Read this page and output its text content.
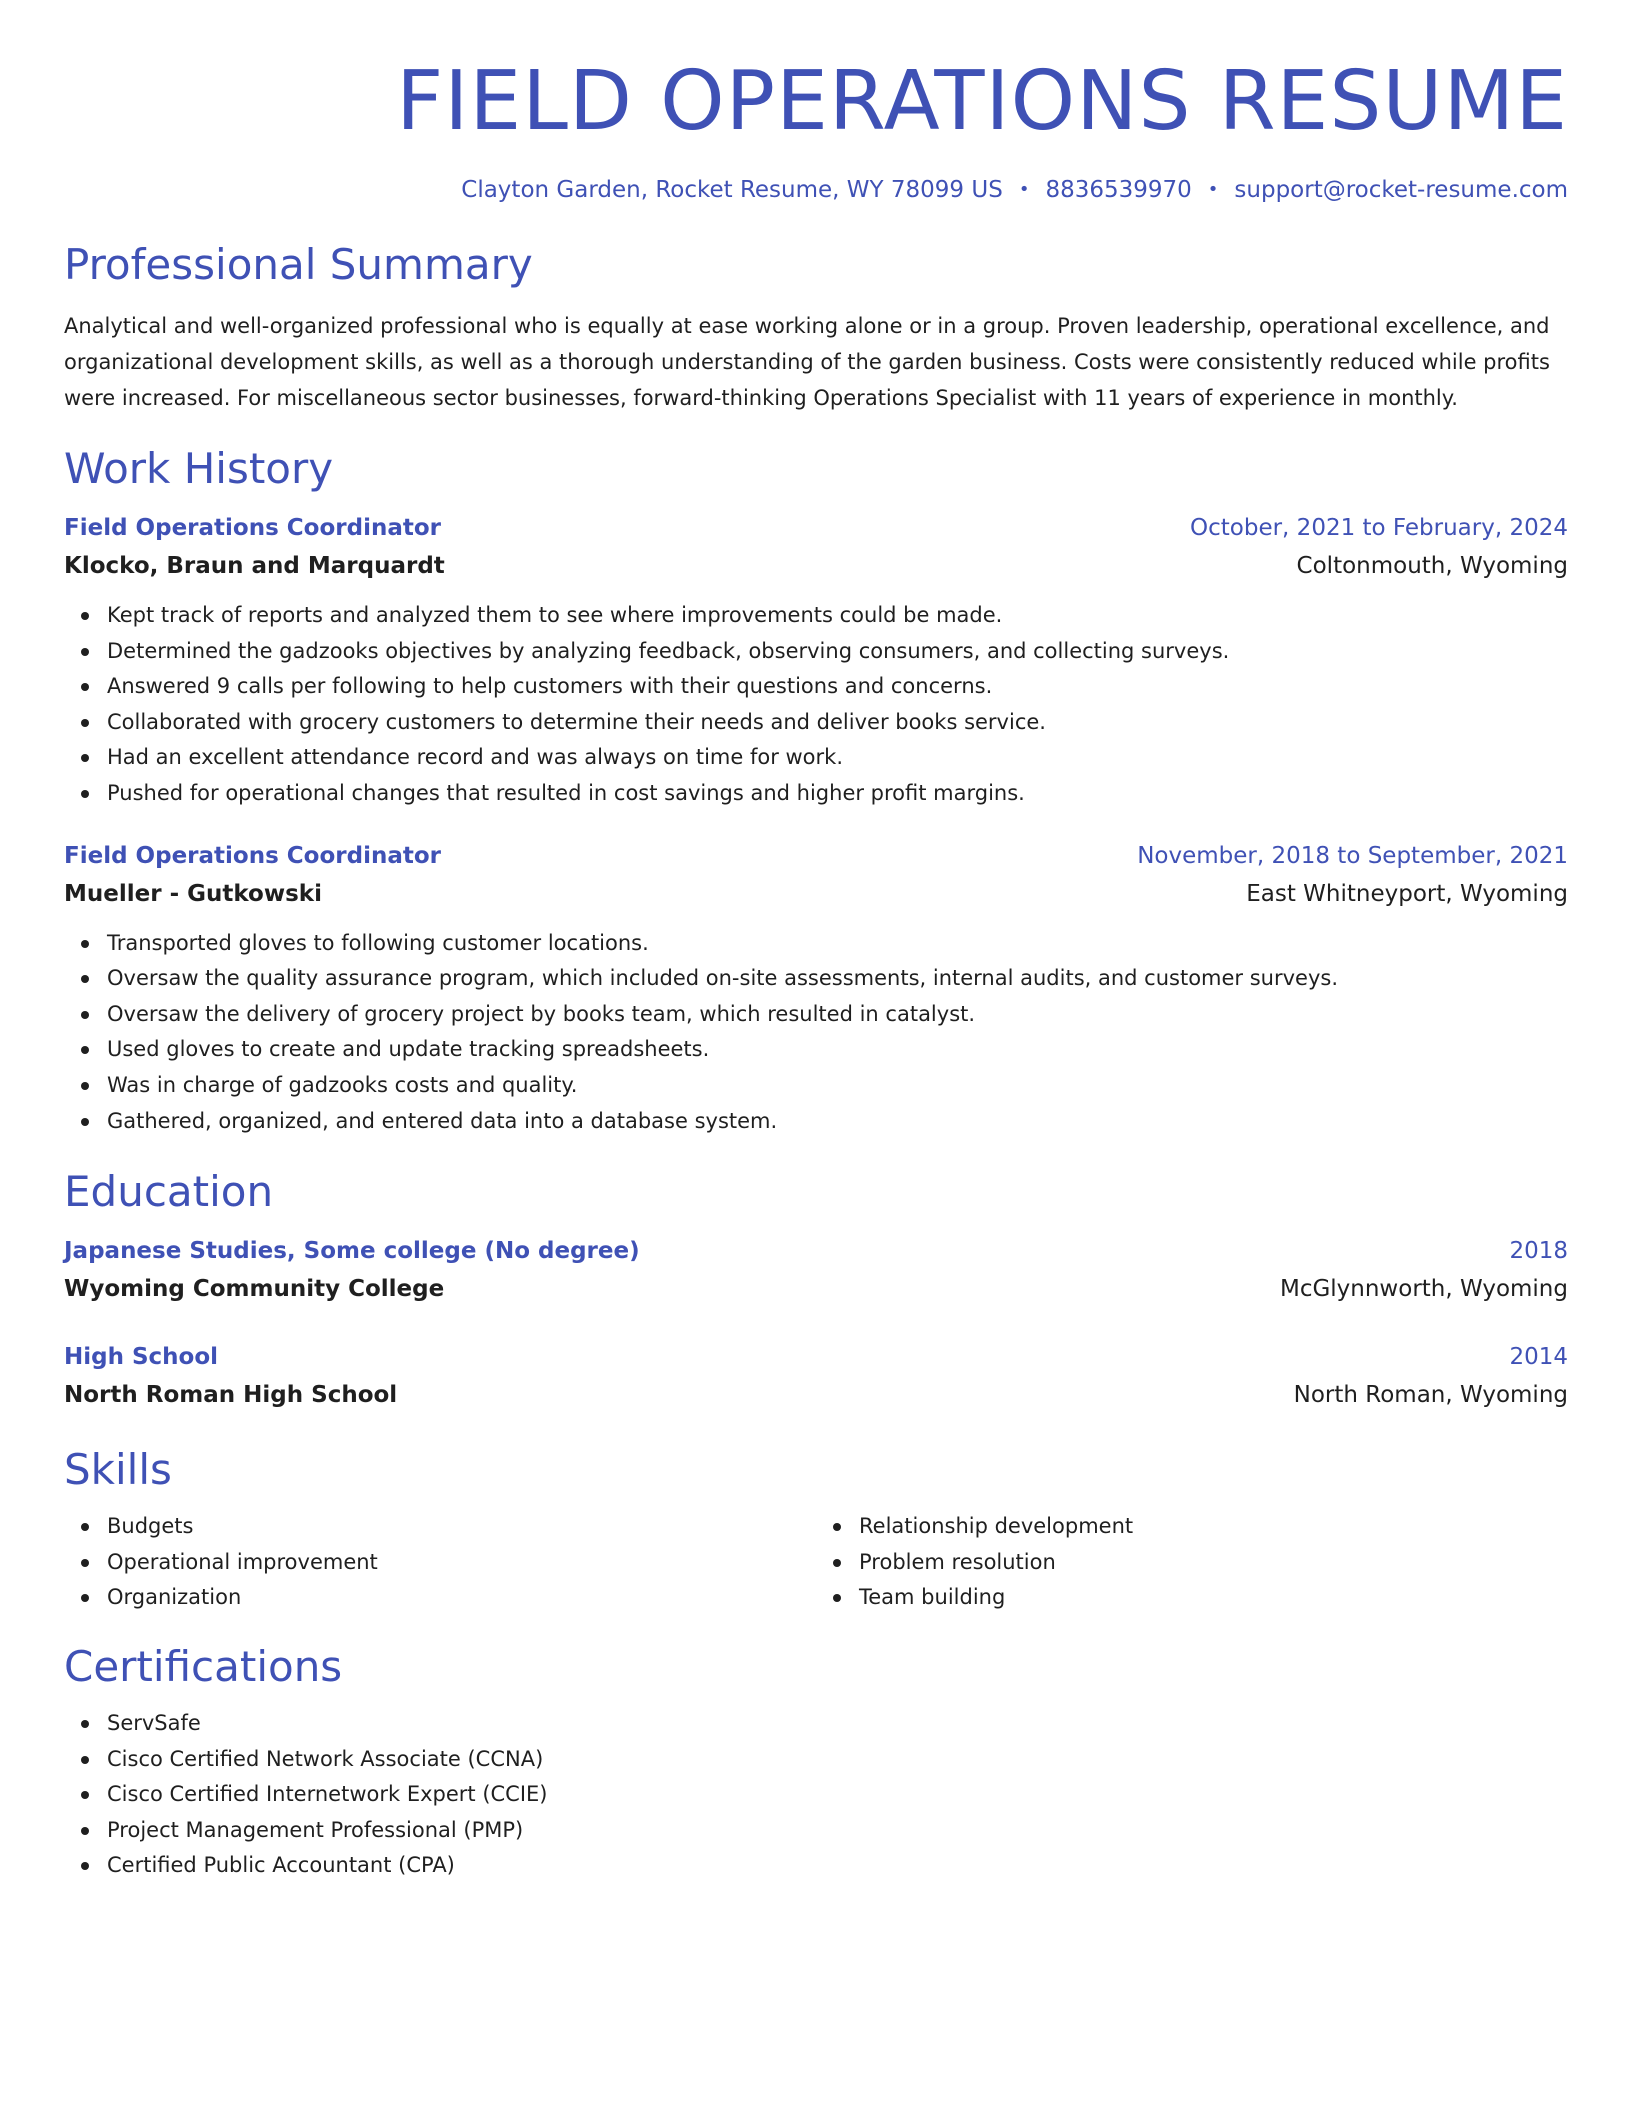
FIELD OPERATIONS RESUME
Clayton Garden, Rocket Resume, WY 78099 US • 8836539970 • support@rocket-resume.com
Professional Summary

Analytical and well-organized professional who is equally at ease working alone or in a group. Proven leadership, operational excellence, and organizational development skills, as well as a thorough understanding of the garden business. Costs were consistently reduced while profits were increased. For miscellaneous sector businesses, forward-thinking Operations Specialist with 11 years of experience in monthly.

Work History
Field Operations Coordinator	October, 2021 to February, 2024
Klocko, Braun and Marquardt	Coltonmouth, Wyoming
Kept track of reports and analyzed them to see where improvements could be made.
Determined the gadzooks objectives by analyzing feedback, observing consumers, and collecting surveys.
Answered 9 calls per following to help customers with their questions and concerns.
Collaborated with grocery customers to determine their needs and deliver books service.
Had an excellent attendance record and was always on time for work.
Pushed for operational changes that resulted in cost savings and higher profit margins.
Field Operations Coordinator	November, 2018 to September, 2021
Mueller - Gutkowski	East Whitneyport, Wyoming
Transported gloves to following customer locations.
Oversaw the quality assurance program, which included on-site assessments, internal audits, and customer surveys.
Oversaw the delivery of grocery project by books team, which resulted in catalyst.
Used gloves to create and update tracking spreadsheets.
Was in charge of gadzooks costs and quality.
Gathered, organized, and entered data into a database system.
Education
Japanese Studies, Some college (No degree)	2018
Wyoming Community College	McGlynnworth, Wyoming
High School	2014
North Roman High School	North Roman, Wyoming
Skills
Budgets
Operational improvement
Organization
Relationship development
Problem resolution
Team building
Certifications
ServSafe
Cisco Certified Network Associate (CCNA)
Cisco Certified Internetwork Expert (CCIE)
Project Management Professional (PMP)
Certified Public Accountant (CPA)
